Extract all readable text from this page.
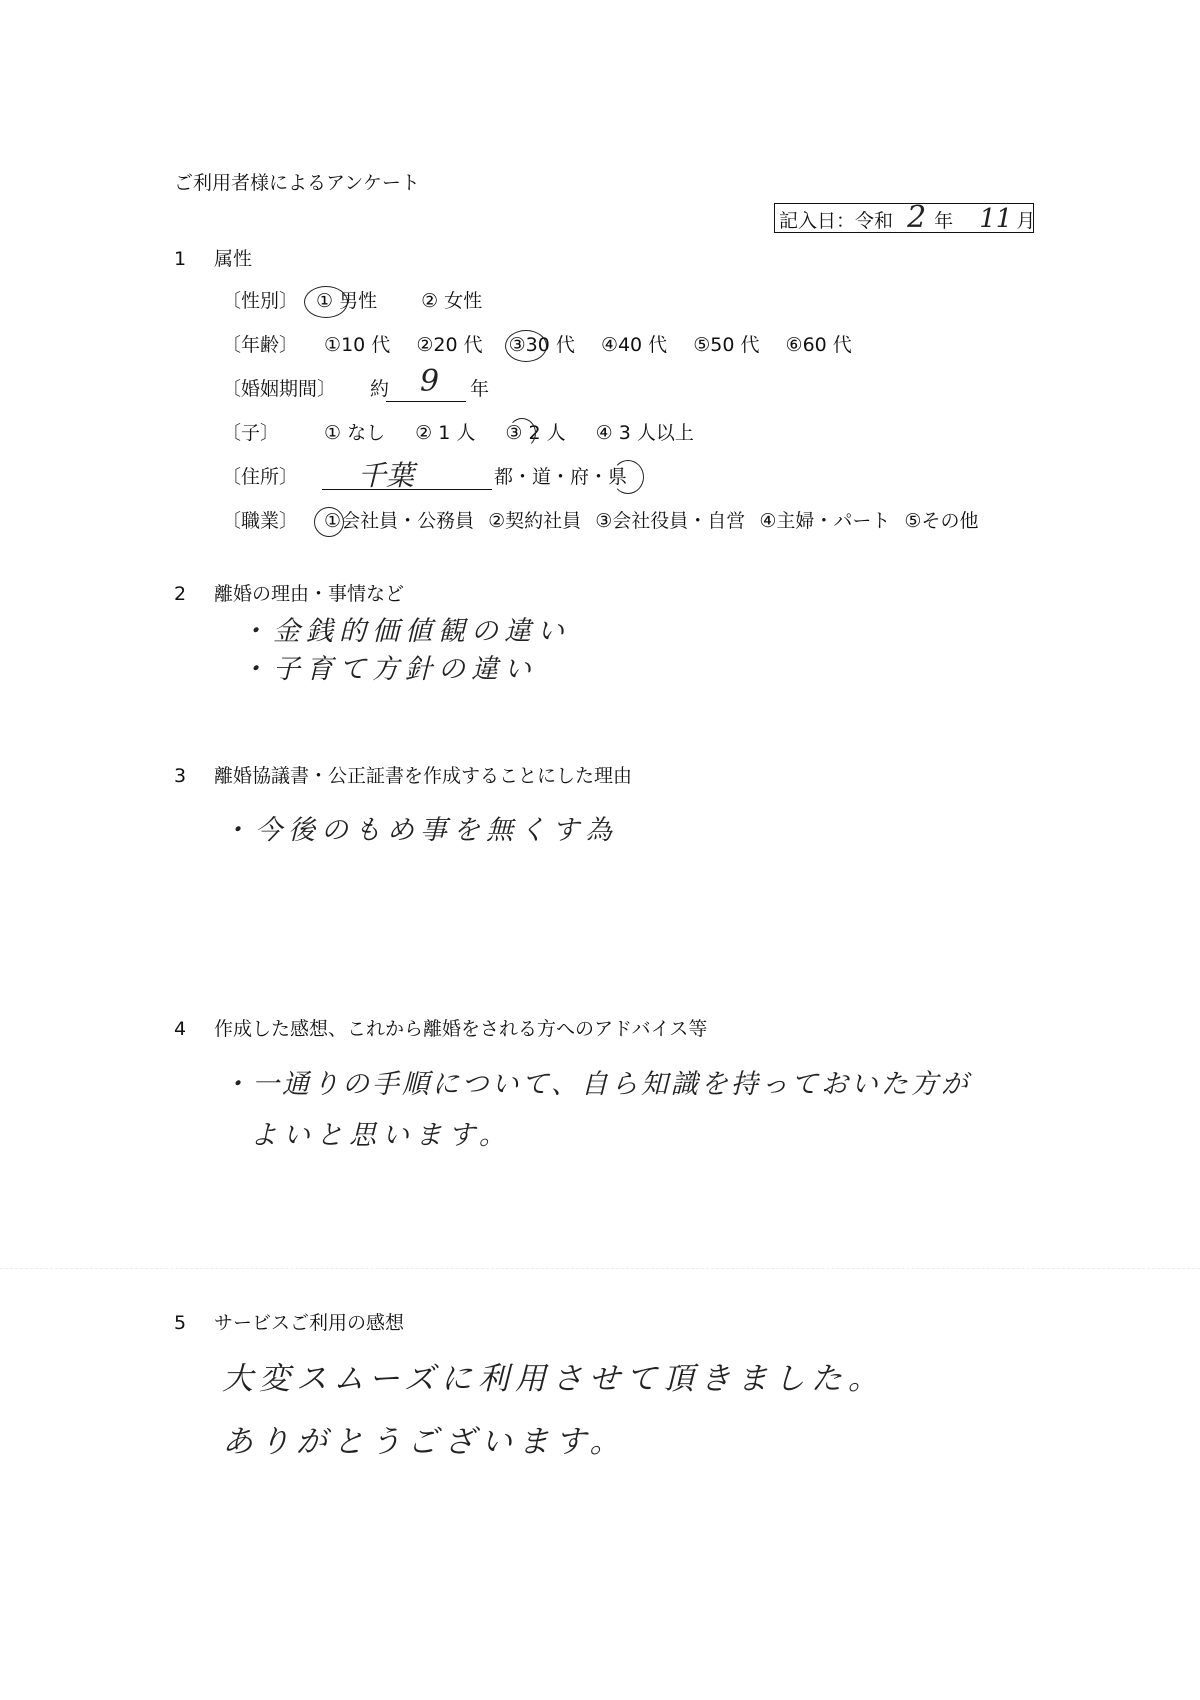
ご利用者様によるアンケート
記入日：令和 2 年 11 月
1 属性
〔性別〕 ① 男性 ② 女性
〔年齢〕 ①10 代 ②20 代 ③30 代 ④40 代 ⑤50 代 ⑥60 代
〔婚姻期間〕 約 9 年
〔子〕 ① なし ② 1 人 ③ 2 人 ④ 3 人以上
〔住所〕 千葉	都・道・府・県
〔職業〕 ①会社員・公務員 ②契約社員 ③会社役員・自営 ④主婦・パート ⑤その他
2 離婚の理由・事情など
・金銭的価値観の違い
・子育て方針の違い
3 離婚協議書・公正証書を作成することにした理由
・今後のもめ事を無くす為
4 作成した感想、これから離婚をされる方へのアドバイス等
・一通りの手順について、自ら知識を持っておいた方が
よいと思います。
5 サービスご利用の感想
大変スムーズに利用させて頂きました。
ありがとうございます。
